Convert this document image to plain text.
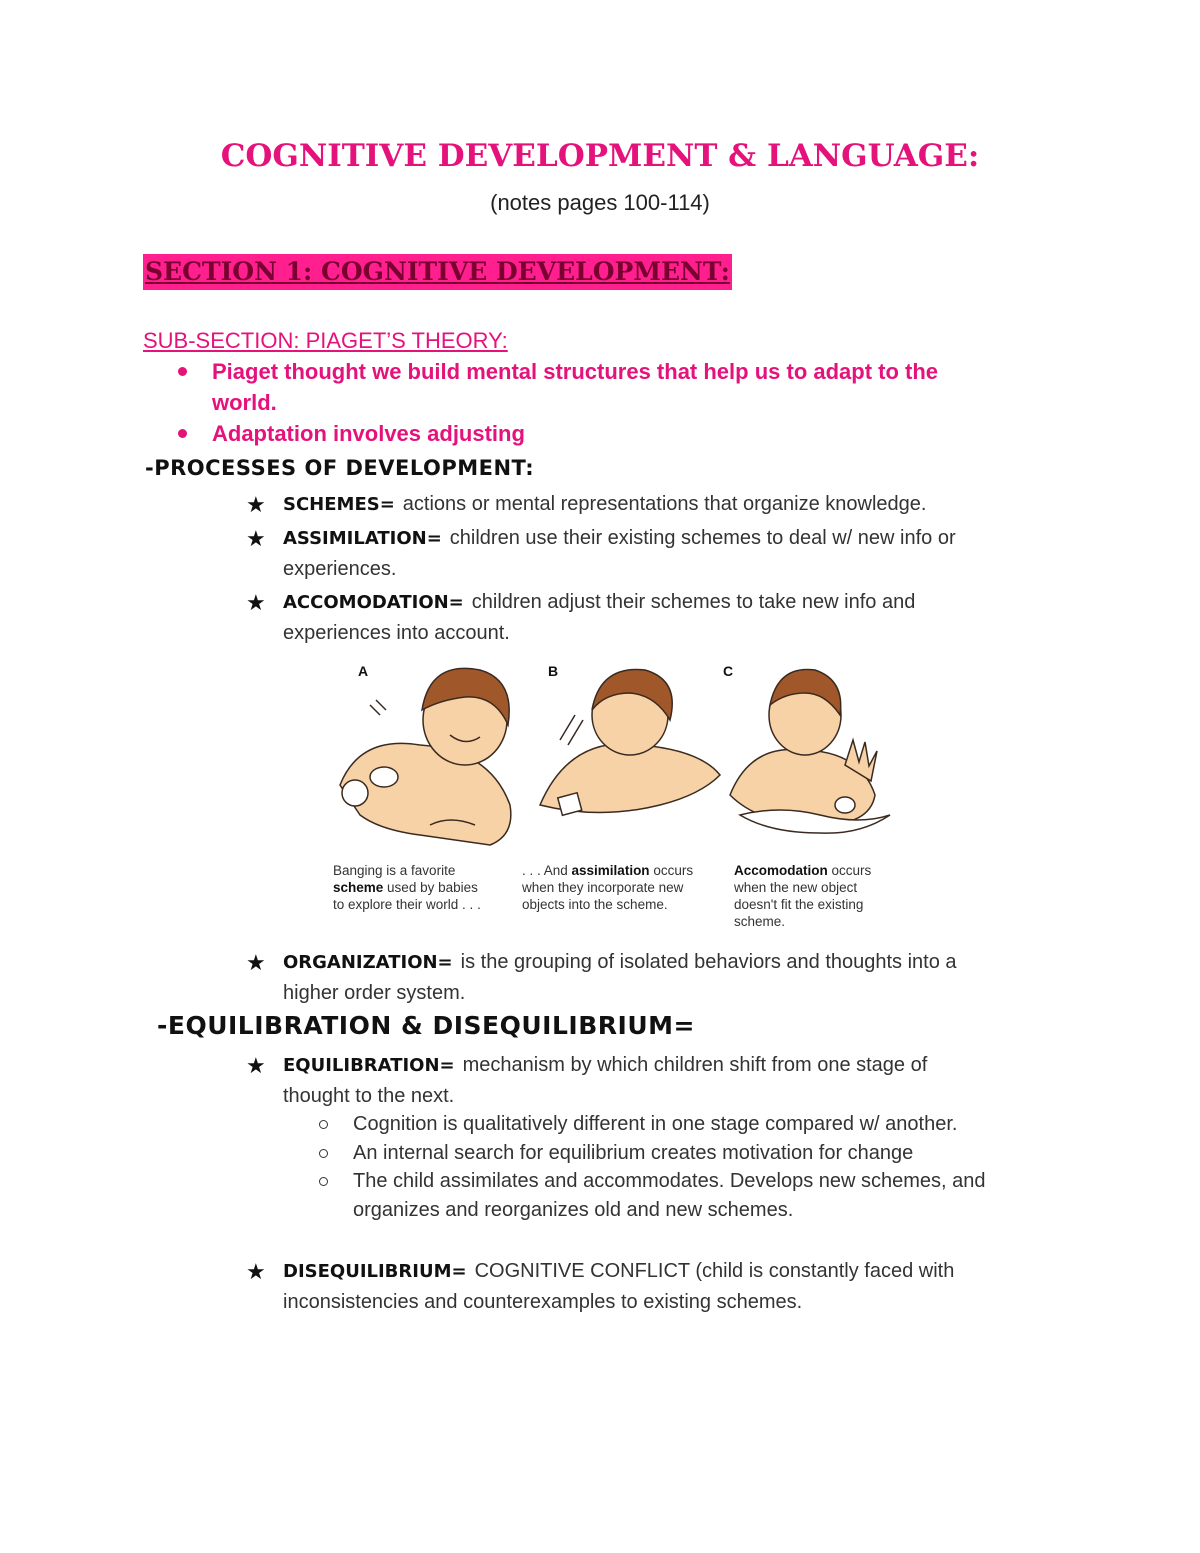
COGNITIVE DEVELOPMENT & LANGUAGE:
(notes pages 100-114)
SECTION 1: COGNITIVE DEVELOPMENT:
SUB-SECTION: PIAGET’S THEORY:
Piaget thought we build mental structures that help us to adapt to the
world.
Adaptation involves adjusting
-PROCESSES OF DEVELOPMENT:
★ SCHEMES= actions or mental representations that organize knowledge.
★ ASSIMILATION= children use their existing schemes to deal w/ new info or
experiences.
★ ACCOMODATION= children adjust their schemes to take new info and
experiences into account.
A	B	C
Banging is a favorite
scheme used by babies
to explore their world . . .
. . . And assimilation occurs
when they incorporate new
objects into the scheme.
Accomodation occurs
when the new object
doesn't fit the existing
scheme.
★ ORGANIZATION= is the grouping of isolated behaviors and thoughts into a
higher order system.
-EQUILIBRATION & DISEQUILIBRIUM=
★ EQUILIBRATION= mechanism by which children shift from one stage of
thought to the next.
Cognition is qualitatively different in one stage compared w/ another.
An internal search for equilibrium creates motivation for change
The child assimilates and accommodates. Develops new schemes, and
organizes and reorganizes old and new schemes.
★ DISEQUILIBRIUM= COGNITIVE CONFLICT (child is constantly faced with
inconsistencies and counterexamples to existing schemes.
